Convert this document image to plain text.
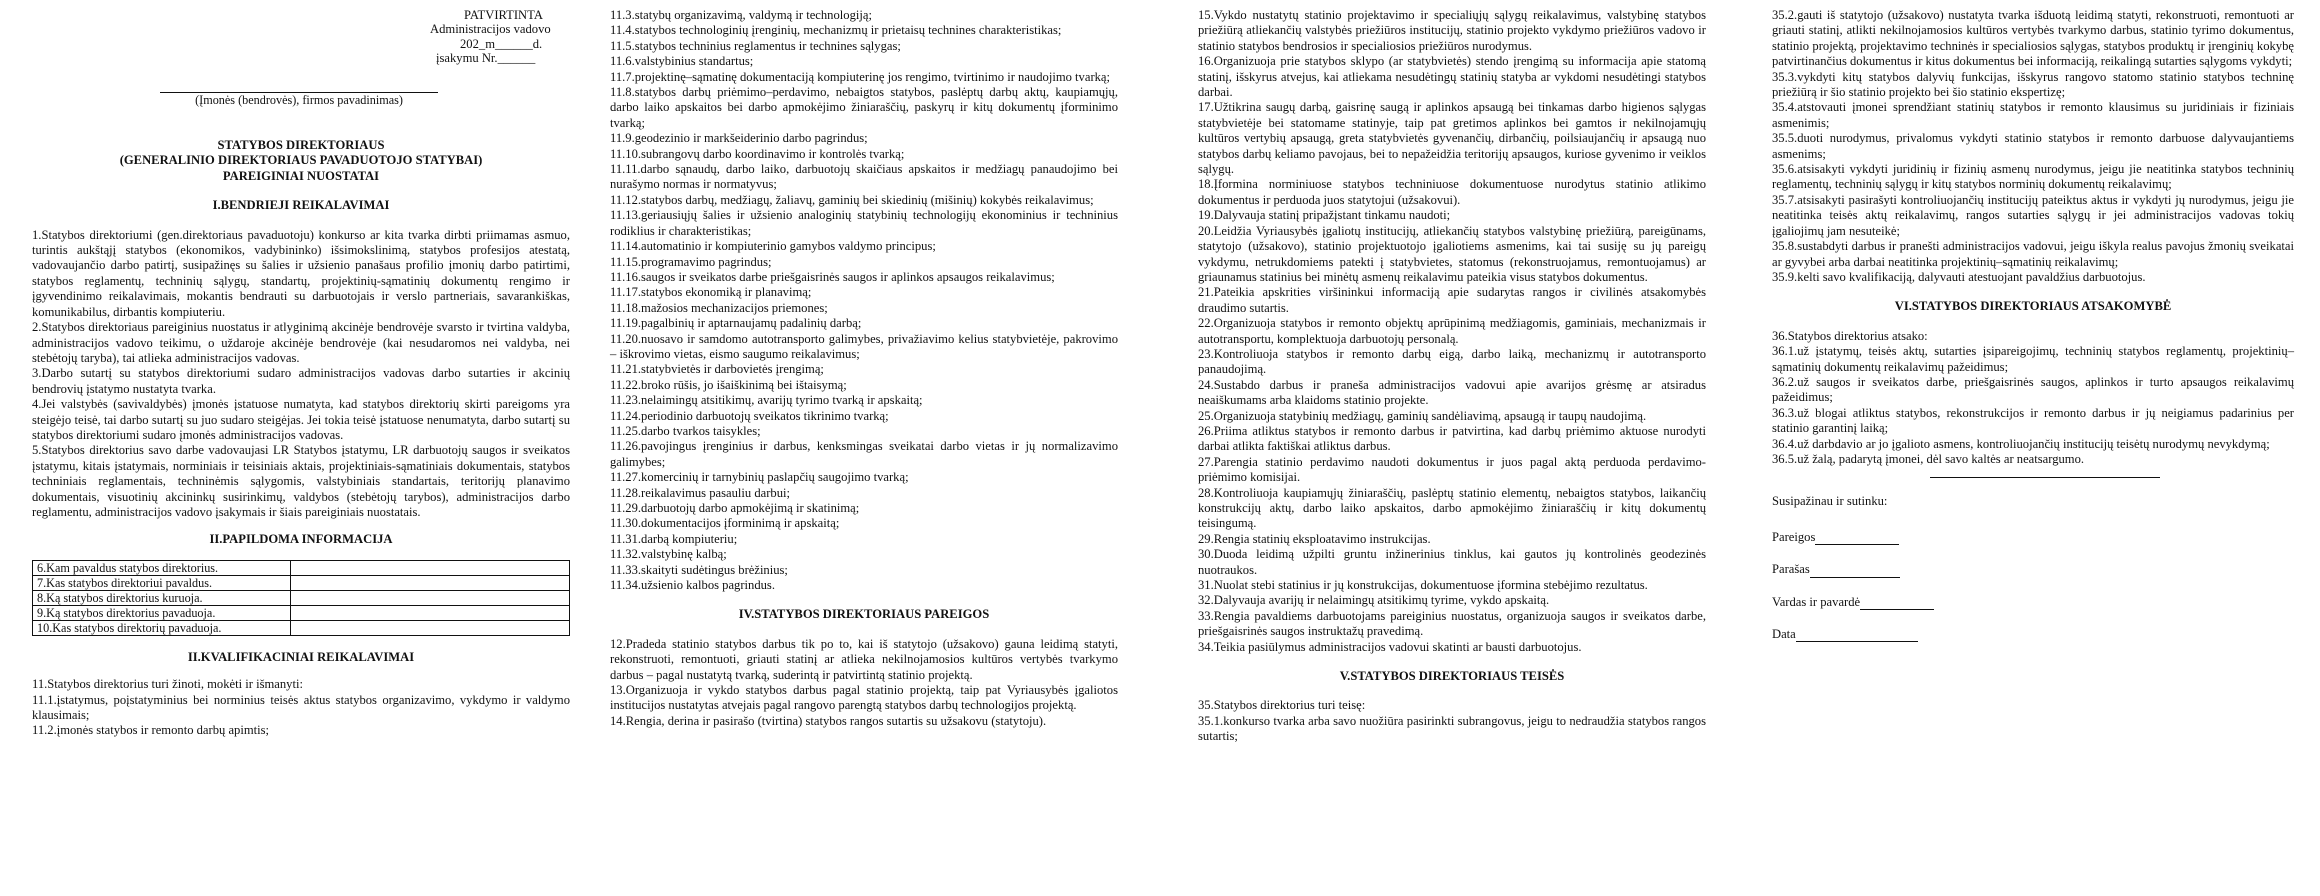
PATVIRTINTA
Administracijos vadovo
202_m______d.
įsakymu Nr.______
(Įmonės (bendrovės), firmos pavadinimas)

STATYBOS DIREKTORIAUS

(GENERALINIO DIREKTORIAUS PAVADUOTOJO STATYBAI)

PAREIGINIAI NUOSTATAI

I.BENDRIEJI REIKALAVIMAI

1.Statybos direktoriumi (gen.direktoriaus pavaduotoju) konkurso ar kita tvarka dirbti priimamas asmuo, turintis aukštąjį statybos (ekonomikos, vadybininko) išsimokslinimą, statybos profesijos atestatą, vadovaujančio darbo patirtį, susipažinęs su šalies ir užsienio panašaus profilio įmonių darbo patirtimi, statybos reglamentų, techninių sąlygų, standartų, projektinių-sąmatinių dokumentų rengimo ir įgyvendinimo reikalavimais, mokantis bendrauti su darbuotojais ir verslo partneriais, savarankiškas, komunikabilus, dirbantis kompiuteriu.

2.Statybos direktoriaus pareiginius nuostatus ir atlyginimą akcinėje bendrovėje svarsto ir tvirtina valdyba, administracijos vadovo teikimu, o uždaroje akcinėje bendrovėje (kai nesudaromos nei valdyba, nei stebėtojų taryba), tai atlieka administracijos vadovas.

3.Darbo sutartį su statybos direktoriumi sudaro administracijos vadovas darbo sutarties ir akcinių bendrovių įstatymo nustatyta tvarka.

4.Jei valstybės (savivaldybės) įmonės įstatuose numatyta, kad statybos direktorių skirti pareigoms yra steigėjo teisė, tai darbo sutartį su juo sudaro steigėjas. Jei tokia teisė įstatuose nenumatyta, darbo sutartį su statybos direktoriumi sudaro įmonės administracijos vadovas.

5.Statybos direktorius savo darbe vadovaujasi LR Statybos įstatymu, LR darbuotojų saugos ir sveikatos įstatymu, kitais įstatymais, norminiais ir teisiniais aktais, projektiniais-sąmatiniais dokumentais, statybos techniniais reglamentais, techninėmis sąlygomis, valstybiniais standartais, teritorijų planavimo dokumentais, visuotinių akcininkų susirinkimų, valdybos (stebėtojų tarybos), administracijos darbo reglamentu, administracijos vadovo įsakymais ir šiais pareiginiais nuostatais.

II.PAPILDOMA INFORMACIJA

6.Kam pavaldus statybos direktorius.	
7.Kas statybos direktoriui pavaldus.	
8.Ką statybos direktorius kuruoja.	
9.Ką statybos direktorius pavaduoja.	
10.Kas statybos direktorių pavaduoja.	

II.KVALIFIKACINIAI REIKALAVIMAI

11.Statybos direktorius turi žinoti, mokėti ir išmanyti:

11.1.įstatymus, poįstatyminius bei norminius teisės aktus statybos organizavimo, vykdymo ir valdymo klausimais;

11.2.įmonės statybos ir remonto darbų apimtis;

11.3.statybų organizavimą, valdymą ir technologiją;

11.4.statybos technologinių įrenginių, mechanizmų ir prietaisų technines charakteristikas;

11.5.statybos techninius reglamentus ir technines sąlygas;

11.6.valstybinius standartus;

11.7.projektinę–sąmatinę dokumentaciją kompiuterinę jos rengimo, tvirtinimo ir naudojimo tvarką;

11.8.statybos darbų priėmimo–perdavimo, nebaigtos statybos, paslėptų darbų aktų, kaupiamųjų, darbo laiko apskaitos bei darbo apmokėjimo žiniaraščių, paskyrų ir kitų dokumentų įforminimo tvarką;

11.9.geodezinio ir markšeiderinio darbo pagrindus;

11.10.subrangovų darbo koordinavimo ir kontrolės tvarką;

11.11.darbo sąnaudų, darbo laiko, darbuotojų skaičiaus apskaitos ir medžiagų panaudojimo bei nurašymo normas ir normatyvus;

11.12.statybos darbų, medžiagų, žaliavų, gaminių bei skiedinių (mišinių) kokybės reikalavimus;

11.13.geriausiųjų šalies ir užsienio analoginių statybinių technologijų ekonominius ir techninius rodiklius ir charakteristikas;

11.14.automatinio ir kompiuterinio gamybos valdymo principus;

11.15.programavimo pagrindus;

11.16.saugos ir sveikatos darbe priešgaisrinės saugos ir aplinkos apsaugos reikalavimus;

11.17.statybos ekonomiką ir planavimą;

11.18.mažosios mechanizacijos priemones;

11.19.pagalbinių ir aptarnaujamų padalinių darbą;

11.20.nuosavo ir samdomo autotransporto galimybes, privažiavimo kelius statybvietėje, pakrovimo – iškrovimo vietas, eismo saugumo reikalavimus;

11.21.statybvietės ir darbovietės įrengimą;

11.22.broko rūšis, jo išaiškinimą bei ištaisymą;

11.23.nelaimingų atsitikimų, avarijų tyrimo tvarką ir apskaitą;

11.24.periodinio darbuotojų sveikatos tikrinimo tvarką;

11.25.darbo tvarkos taisykles;

11.26.pavojingus įrenginius ir darbus, kenksmingas sveikatai darbo vietas ir jų normalizavimo galimybes;

11.27.komercinių ir tarnybinių paslapčių saugojimo tvarką;

11.28.reikalavimus pasauliu darbui;

11.29.darbuotojų darbo apmokėjimą ir skatinimą;

11.30.dokumentacijos įforminimą ir apskaitą;

11.31.darbą kompiuteriu;

11.32.valstybinę kalbą;

11.33.skaityti sudėtingus brėžinius;

11.34.užsienio kalbos pagrindus.

IV.STATYBOS DIREKTORIAUS PAREIGOS

12.Pradeda statinio statybos darbus tik po to, kai iš statytojo (užsakovo) gauna leidimą statyti, rekonstruoti, remontuoti, griauti statinį ar atlieka nekilnojamosios kultūros vertybės tvarkymo darbus – pagal nustatytą tvarką, suderintą ir patvirtintą statinio projektą.

13.Organizuoja ir vykdo statybos darbus pagal statinio projektą, taip pat Vyriausybės įgaliotos institucijos nustatytas atvejais pagal rangovo parengtą statybos darbų technologijos projektą.

14.Rengia, derina ir pasirašo (tvirtina) statybos rangos sutartis su užsakovu (statytoju).

15.Vykdo nustatytų statinio projektavimo ir specialiųjų sąlygų reikalavimus, valstybinę statybos priežiūrą atliekančių valstybės priežiūros institucijų, statinio projekto vykdymo priežiūros vadovo ir statinio statybos bendrosios ir specialiosios priežiūros nurodymus.

16.Organizuoja prie statybos sklypo (ar statybvietės) stendo įrengimą su informacija apie statomą statinį, išskyrus atvejus, kai atliekama nesudėtingų statinių statyba ar vykdomi nesudėtingi statybos darbai.

17.Užtikrina saugų darbą, gaisrinę saugą ir aplinkos apsaugą bei tinkamas darbo higienos sąlygas statybvietėje bei statomame statinyje, taip pat gretimos aplinkos bei gamtos ir nekilnojamųjų kultūros vertybių apsaugą, greta statybvietės gyvenančių, dirbančių, poilsiaujančių ir apsaugą nuo statybos darbų keliamo pavojaus, bei to nepažeidžia teritorijų apsaugos, kuriose gyvenimo ir veiklos sąlygų.

18.Įformina norminiuose statybos techniniuose dokumentuose nurodytus statinio atlikimo dokumentus ir perduoda juos statytojui (užsakovui).

19.Dalyvauja statinį pripažįstant tinkamu naudoti;

20.Leidžia Vyriausybės įgaliotų institucijų, atliekančių statybos valstybinę priežiūrą, pareigūnams, statytojo (užsakovo), statinio projektuotojo įgaliotiems asmenims, kai tai susiję su jų pareigų vykdymu, netrukdomiems patekti į statybvietes, statomus (rekonstruojamus, remontuojamus) ar griaunamus statinius bei minėtų asmenų reikalavimu pateikia visus statybos dokumentus.

21.Pateikia apskrities viršininkui informaciją apie sudarytas rangos ir civilinės atsakomybės draudimo sutartis.

22.Organizuoja statybos ir remonto objektų aprūpinimą medžiagomis, gaminiais, mechanizmais ir autotransportu, komplektuoja darbuotojų personalą.

23.Kontroliuoja statybos ir remonto darbų eigą, darbo laiką, mechanizmų ir autotransporto panaudojimą.

24.Sustabdo darbus ir praneša administracijos vadovui apie avarijos grėsmę ar atsiradus neaiškumams arba klaidoms statinio projekte.

25.Organizuoja statybinių medžiagų, gaminių sandėliavimą, apsaugą ir taupų naudojimą.

26.Priima atliktus statybos ir remonto darbus ir patvirtina, kad darbų priėmimo aktuose nurodyti darbai atlikta faktiškai atliktus darbus.

27.Parengia statinio perdavimo naudoti dokumentus ir juos pagal aktą perduoda perdavimo-priėmimo komisijai.

28.Kontroliuoja kaupiamųjų žiniaraščių, paslėptų statinio elementų, nebaigtos statybos, laikančių konstrukcijų aktų, darbo laiko apskaitos, darbo apmokėjimo žiniaraščių ir kitų dokumentų teisingumą.

29.Rengia statinių eksploatavimo instrukcijas.

30.Duoda leidimą užpilti gruntu inžinerinius tinklus, kai gautos jų kontrolinės geodezinės nuotraukos.

31.Nuolat stebi statinius ir jų konstrukcijas, dokumentuose įformina stebėjimo rezultatus.

32.Dalyvauja avarijų ir nelaimingų atsitikimų tyrime, vykdo apskaitą.

33.Rengia pavaldiems darbuotojams pareiginius nuostatus, organizuoja saugos ir sveikatos darbe, priešgaisrinės saugos instruktažų pravedimą.

34.Teikia pasiūlymus administracijos vadovui skatinti ar bausti darbuotojus.

V.STATYBOS DIREKTORIAUS TEISĖS

35.Statybos direktorius turi teisę:

35.1.konkurso tvarka arba savo nuožiūra pasirinkti subrangovus, jeigu to nedraudžia statybos rangos sutartis;

35.2.gauti iš statytojo (užsakovo) nustatyta tvarka išduotą leidimą statyti, rekonstruoti, remontuoti ar griauti statinį, atlikti nekilnojamosios kultūros vertybės tvarkymo darbus, statinio tyrimo dokumentus, statinio projektą, projektavimo techninės ir specialiosios sąlygas, statybos produktų ir įrenginių kokybę patvirtinančius dokumentus ir kitus dokumentus bei informaciją, reikalingą sutarties sąlygoms vykdyti;

35.3.vykdyti kitų statybos dalyvių funkcijas, išskyrus rangovo statomo statinio statybos techninę priežiūrą ir šio statinio projekto bei šio statinio ekspertizę;

35.4.atstovauti įmonei sprendžiant statinių statybos ir remonto klausimus su juridiniais ir fiziniais asmenimis;

35.5.duoti nurodymus, privalomus vykdyti statinio statybos ir remonto darbuose dalyvaujantiems asmenims;

35.6.atsisakyti vykdyti juridinių ir fizinių asmenų nurodymus, jeigu jie neatitinka statybos techninių reglamentų, techninių sąlygų ir kitų statybos norminių dokumentų reikalavimų;

35.7.atsisakyti pasirašyti kontroliuojančių institucijų pateiktus aktus ir vykdyti jų nurodymus, jeigu jie neatitinka teisės aktų reikalavimų, rangos sutarties sąlygų ir jei administracijos vadovas tokių įgaliojimų jam nesuteikė;

35.8.sustabdyti darbus ir pranešti administracijos vadovui, jeigu iškyla realus pavojus žmonių sveikatai ar gyvybei arba darbai neatitinka projektinių–sąmatinių reikalavimų;

35.9.kelti savo kvalifikaciją, dalyvauti atestuojant pavaldžius darbuotojus.

VI.STATYBOS DIREKTORIAUS ATSAKOMYBĖ

36.Statybos direktorius atsako:

36.1.už įstatymų, teisės aktų, sutarties įsipareigojimų, techninių statybos reglamentų, projektinių–sąmatinių dokumentų reikalavimų pažeidimus;

36.2.už saugos ir sveikatos darbe, priešgaisrinės saugos, aplinkos ir turto apsaugos reikalavimų pažeidimus;

36.3.už blogai atliktus statybos, rekonstrukcijos ir remonto darbus ir jų neigiamus padarinius per statinio garantinį laiką;

36.4.už darbdavio ar jo įgalioto asmens, kontroliuojančių institucijų teisėtų nurodymų nevykdymą;

36.5.už žalą, padarytą įmonei, dėl savo kaltės ar neatsargumo.

Susipažinau ir sutinku:

Pareigos

Parašas

Vardas ir pavardė

Data
